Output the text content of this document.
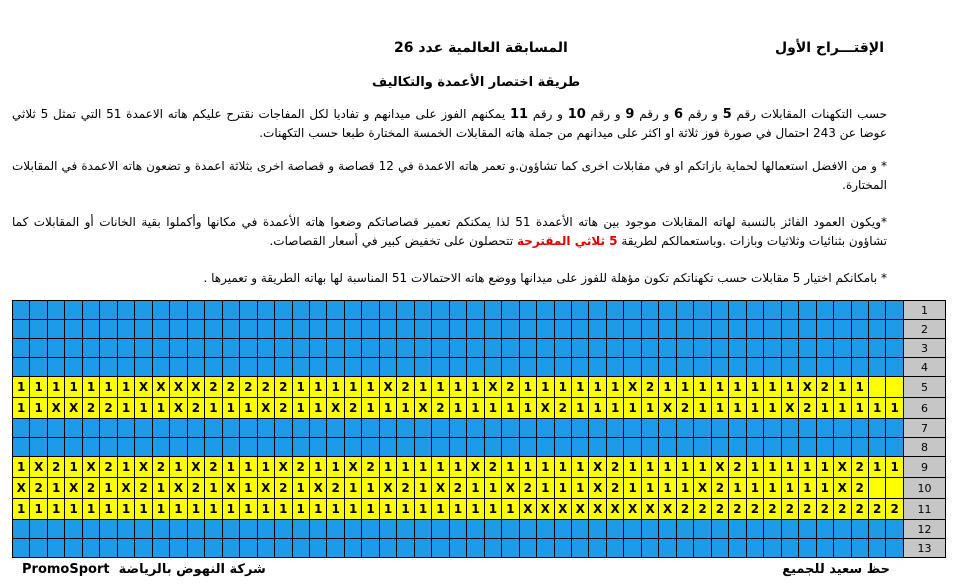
الإقتـــراح الأول
المسابقة العالمية عدد 26
طريقة اختصار الأعمدة والتكاليف
حسب التكهنات المقابلات رقم 5 و رقم 6 و رقم 9 و رقم 10 و رقم 11 يمكنهم الفوز على ميدانهم و تفاديا لكل المفاجات نقترح عليكم هاته الاعمدة 51 التي تمثل 5 ثلاثي عوضا عن 243 احتمال في صورة فوز ثلاثة او اكثر على ميدانهم من جملة هاته المقابلات الخمسة المختارة طبعا حسب التكهنات.
* و من الافضل استعمالها لحماية بازاتكم او في مقابلات اخرى كما تشاؤون.و تعمر هاته الاعمدة في 12 قصاصة و قصاصة اخرى بثلاثة اعمدة و تضعون هاته الاعمدة في المقابلات المختارة.
*ويكون العمود الفائز بالنسبة لهاته المقابلات موجود بين هاته الأعمدة 51 لذا يمكنكم تعمير قصاصاتكم وضعوا هاته الأعمدة في مكانها وأكملوا بقية الخانات أو المقابلات كما تشاؤون بثنائيات وثلاثيات وبازات .وباستعمالكم لطريقة 5 ثلاثي المقترحة تتحصلون على تخفيض كبير في أسعار القصاصات.
* بامكانكم اختيار 5 مقابلات حسب تكهناتكم تكون مؤهلة للفوز على ميدانها ووضع هاته الاحتمالات 51 المناسبة لها بهاته الطريقة و تعميرها .
																																																			1
																																																			2
																																																			3
																																																			4
1	1	1	1	1	1	1	X	X	X	X	2	2	2	2	2	1	1	1	1	1	X	2	1	1	1	1	X	2	1	1	1	1	1	1	X	2	1	1	1	1	1	1	1	1	X	2	1	1			5
1	1	X	X	2	2	1	1	1	X	2	1	1	1	X	2	1	1	X	2	1	1	1	X	2	1	1	1	1	1	X	2	1	1	1	1	1	X	2	1	1	1	1	1	X	2	1	1	1	1	1	6
																																																			7
																																																			8
1	X	2	1	X	2	1	X	2	1	X	2	1	1	1	X	2	1	1	X	2	1	1	1	1	1	X	2	1	1	1	1	1	X	2	1	1	1	1	1	X	2	1	1	1	1	1	X	2	1	1	9
X	2	1	X	2	1	X	2	1	X	2	1	X	1	X	2	1	X	2	1	1	X	2	1	X	2	1	1	X	2	1	1	1	X	2	1	1	1	1	X	2	1	1	1	1	1	1	X	2			10
1	1	1	1	1	1	1	1	1	1	1	1	1	1	1	1	1	1	1	1	1	1	1	1	1	1	1	1	1	X	X	X	X	X	X	X	X	X	2	2	2	2	2	2	2	2	2	2	2	2	2	11
																																																			12
																																																			13
حظ سعيد للجميع
PromoSport شركة النهوض بالرياضة
